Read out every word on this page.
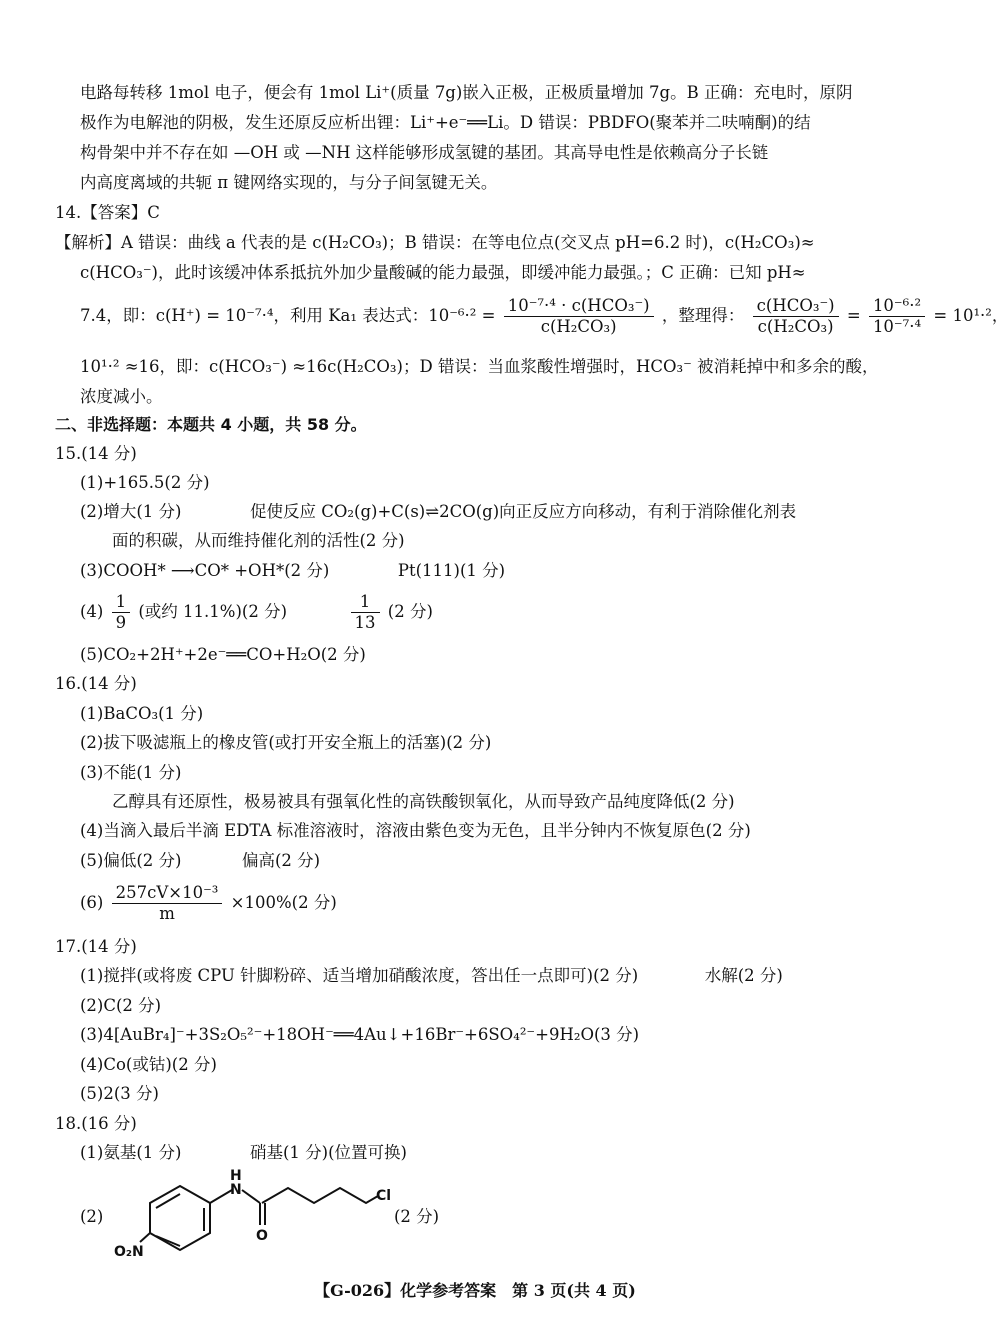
电路每转移 1mol 电子，便会有 1mol Li⁺(质量 7g)嵌入正极，正极质量增加 7g。B 正确：充电时，原阴
极作为电解池的阴极，发生还原反应析出锂：Li⁺+e⁻══Li。D 错误：PBDFO(聚苯并二呋喃酮)的结
构骨架中并不存在如 —OH 或 —NH 这样能够形成氢键的基团。其高导电性是依赖高分子长链
内高度离域的共轭 π 键网络实现的，与分子间氢键无关。
14.【答案】C
【解析】A 错误：曲线 a 代表的是 c(H₂CO₃)；B 错误：在等电位点(交叉点 pH=6.2 时)，c(H₂CO₃)≈
c(HCO₃⁻)，此时该缓冲体系抵抗外加少量酸碱的能力最强，即缓冲能力最强。；C 正确：已知 pH≈
7.4，即：c(H⁺) = 10⁻⁷·⁴，利用 Ka₁ 表达式：$10^{-6}\cdot^2 = \frac{\text{10⁻⁷·⁴ · c(HCO₃⁻)}}{\text{c(H₂CO₃)}}$ ，整理得： $\frac{\text{c(HCO₃⁻)}}{\text{c(H₂CO₃)}} = \frac{\text{10⁻⁶·²}}{\text{10⁻⁷·⁴}} = 10^1\cdot^2$，
10¹·² ≈16，即：c(HCO₃⁻) ≈16c(H₂CO₃)；D 错误：当血浆酸性增强时，HCO₃⁻ 被消耗掉中和多余的酸，
浓度减小。
二、非选择题：本题共 4 小题，共 58 分。
15.(14 分)
(1)+165.5(2 分)
(2)增大(1 分)	促使反应 CO₂(g)+C(s)⇌2CO(g)向正反应方向移动，有利于消除催化剂表
面的积碳，从而维持催化剂的活性(2 分)
(3)COOH* ⟶CO* +OH*(2 分)	Pt(111)(1 分)
$(4) \frac{1}{9}$ (或约 11.1%)(2 分)	$\frac{1}{13} (2$ 分)
(5)CO₂+2H⁺+2e⁻══CO+H₂O(2 分)
16.(14 分)
(1)BaCO₃(1 分)
(2)拔下吸滤瓶上的橡皮管(或打开安全瓶上的活塞)(2 分)
(3)不能(1 分)
乙醇具有还原性，极易被具有强氧化性的高铁酸钡氧化，从而导致产品纯度降低(2 分)
(4)当滴入最后半滴 EDTA 标准溶液时，溶液由紫色变为无色，且半分钟内不恢复原色(2 分)
(5)偏低(2 分)	偏高(2 分)
$(6) \frac{\text{257cV×10⁻³}}{m} \times 100\%(2$ 分)
17.(14 分)
(1)搅拌(或将废 CPU 针脚粉碎、适当增加硝酸浓度，答出任一点即可)(2 分)	水解(2 分)
(2)C(2 分)
(3)4[AuBr₄]⁻+3S₂O₅²⁻+18OH⁻══4Au↓+16Br⁻+6SO₄²⁻+9H₂O(3 分)
(4)Co(或钴)(2 分)
(5)2(3 分)
18.(16 分)
(1)氨基(1 分)	硝基(1 分)(位置可换)
(2)
H
N
O
Cl
O₂N
(2 分)
【G-026】化学参考答案　第 3 页(共 4 页)
